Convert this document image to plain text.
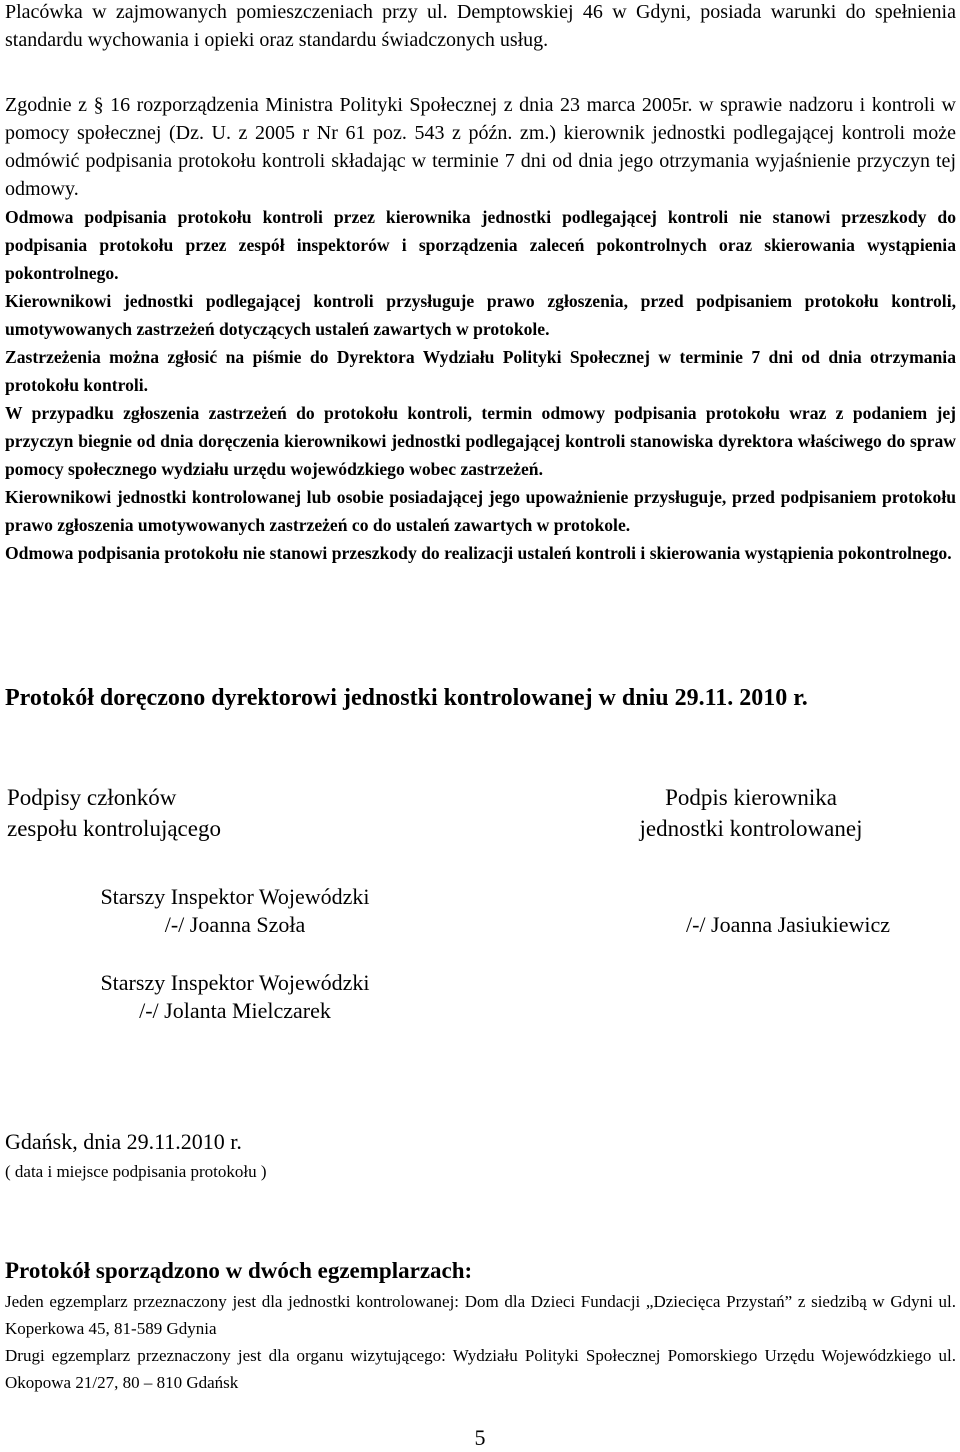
Placówka w zajmowanych pomieszczeniach przy ul. Demptowskiej 46 w Gdyni, posiada warunki do spełnienia standardu wychowania i opieki oraz standardu świadczonych usług.

Zgodnie z § 16 rozporządzenia Ministra Polityki Społecznej z dnia 23 marca 2005r. w sprawie nadzoru i kontroli w pomocy społecznej (Dz. U. z 2005 r Nr 61 poz. 543 z późn. zm.) kierownik jednostki podlegającej kontroli może odmówić podpisania protokołu kontroli składając w terminie 7 dni od dnia jego otrzymania wyjaśnienie przyczyn tej odmowy.

Odmowa podpisania protokołu kontroli przez kierownika jednostki podlegającej kontroli nie stanowi przeszkody do podpisania protokołu przez zespół inspektorów i sporządzenia zaleceń pokontrolnych oraz skierowania wystąpienia pokontrolnego.

Kierownikowi jednostki podlegającej kontroli przysługuje prawo zgłoszenia, przed podpisaniem protokołu kontroli, umotywowanych zastrzeżeń dotyczących ustaleń zawartych w protokole.

Zastrzeżenia można zgłosić na piśmie do Dyrektora Wydziału Polityki Społecznej w terminie 7 dni od dnia otrzymania protokołu kontroli.

W przypadku zgłoszenia zastrzeżeń do protokołu kontroli, termin odmowy podpisania protokołu wraz z podaniem jej przyczyn biegnie od dnia doręczenia kierownikowi jednostki podlegającej kontroli stanowiska dyrektora właściwego do spraw pomocy społecznego wydziału urzędu wojewódzkiego wobec zastrzeżeń.

Kierownikowi jednostki kontrolowanej lub osobie posiadającej jego upoważnienie przysługuje, przed podpisaniem protokołu prawo zgłoszenia umotywowanych zastrzeżeń co do ustaleń zawartych w protokole.

Odmowa podpisania protokołu nie stanowi przeszkody do realizacji ustaleń kontroli i skierowania wystąpienia pokontrolnego.

Protokół doręczono dyrektorowi jednostki kontrolowanej w dniu 29.11. 2010 r.
Podpisy członków
zespołu kontrolującego
Podpis kierownika
jednostki kontrolowanej
Starszy Inspektor Wojewódzki
/-/ Joanna Szoła
Starszy Inspektor Wojewódzki
/-/ Jolanta Mielczarek
/-/ Joanna Jasiukiewicz
Gdańsk, dnia 29.11.2010 r.
( data i miejsce podpisania protokołu )
Protokół sporządzono w dwóch egzemplarzach:

Jeden egzemplarz przeznaczony jest dla jednostki kontrolowanej: Dom dla Dzieci Fundacji „Dziecięca Przystań” z siedzibą w Gdyni ul. Koperkowa 45, 81-589 Gdynia

Drugi egzemplarz przeznaczony jest dla organu wizytującego: Wydziału Polityki Społecznej Pomorskiego Urzędu Wojewódzkiego ul. Okopowa 21/27, 80 – 810 Gdańsk

5
